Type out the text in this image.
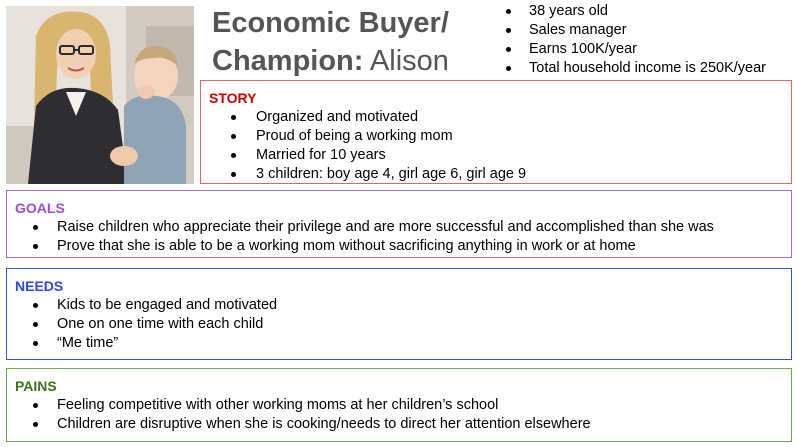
Economic Buyer/ Champion: Alison
38 years old
Sales manager
Earns 100K/year
Total household income is 250K/year
STORY
Organized and motivated
Proud of being a working mom
Married for 10 years
3 children: boy age 4, girl age 6, girl age 9
GOALS
Raise children who appreciate their privilege and are more successful and accomplished than she was
Prove that she is able to be a working mom without sacrificing anything in work or at home
NEEDS
Kids to be engaged and motivated
One on one time with each child
“Me time”
PAINS
Feeling competitive with other working moms at her children’s school
Children are disruptive when she is cooking/needs to direct her attention elsewhere
